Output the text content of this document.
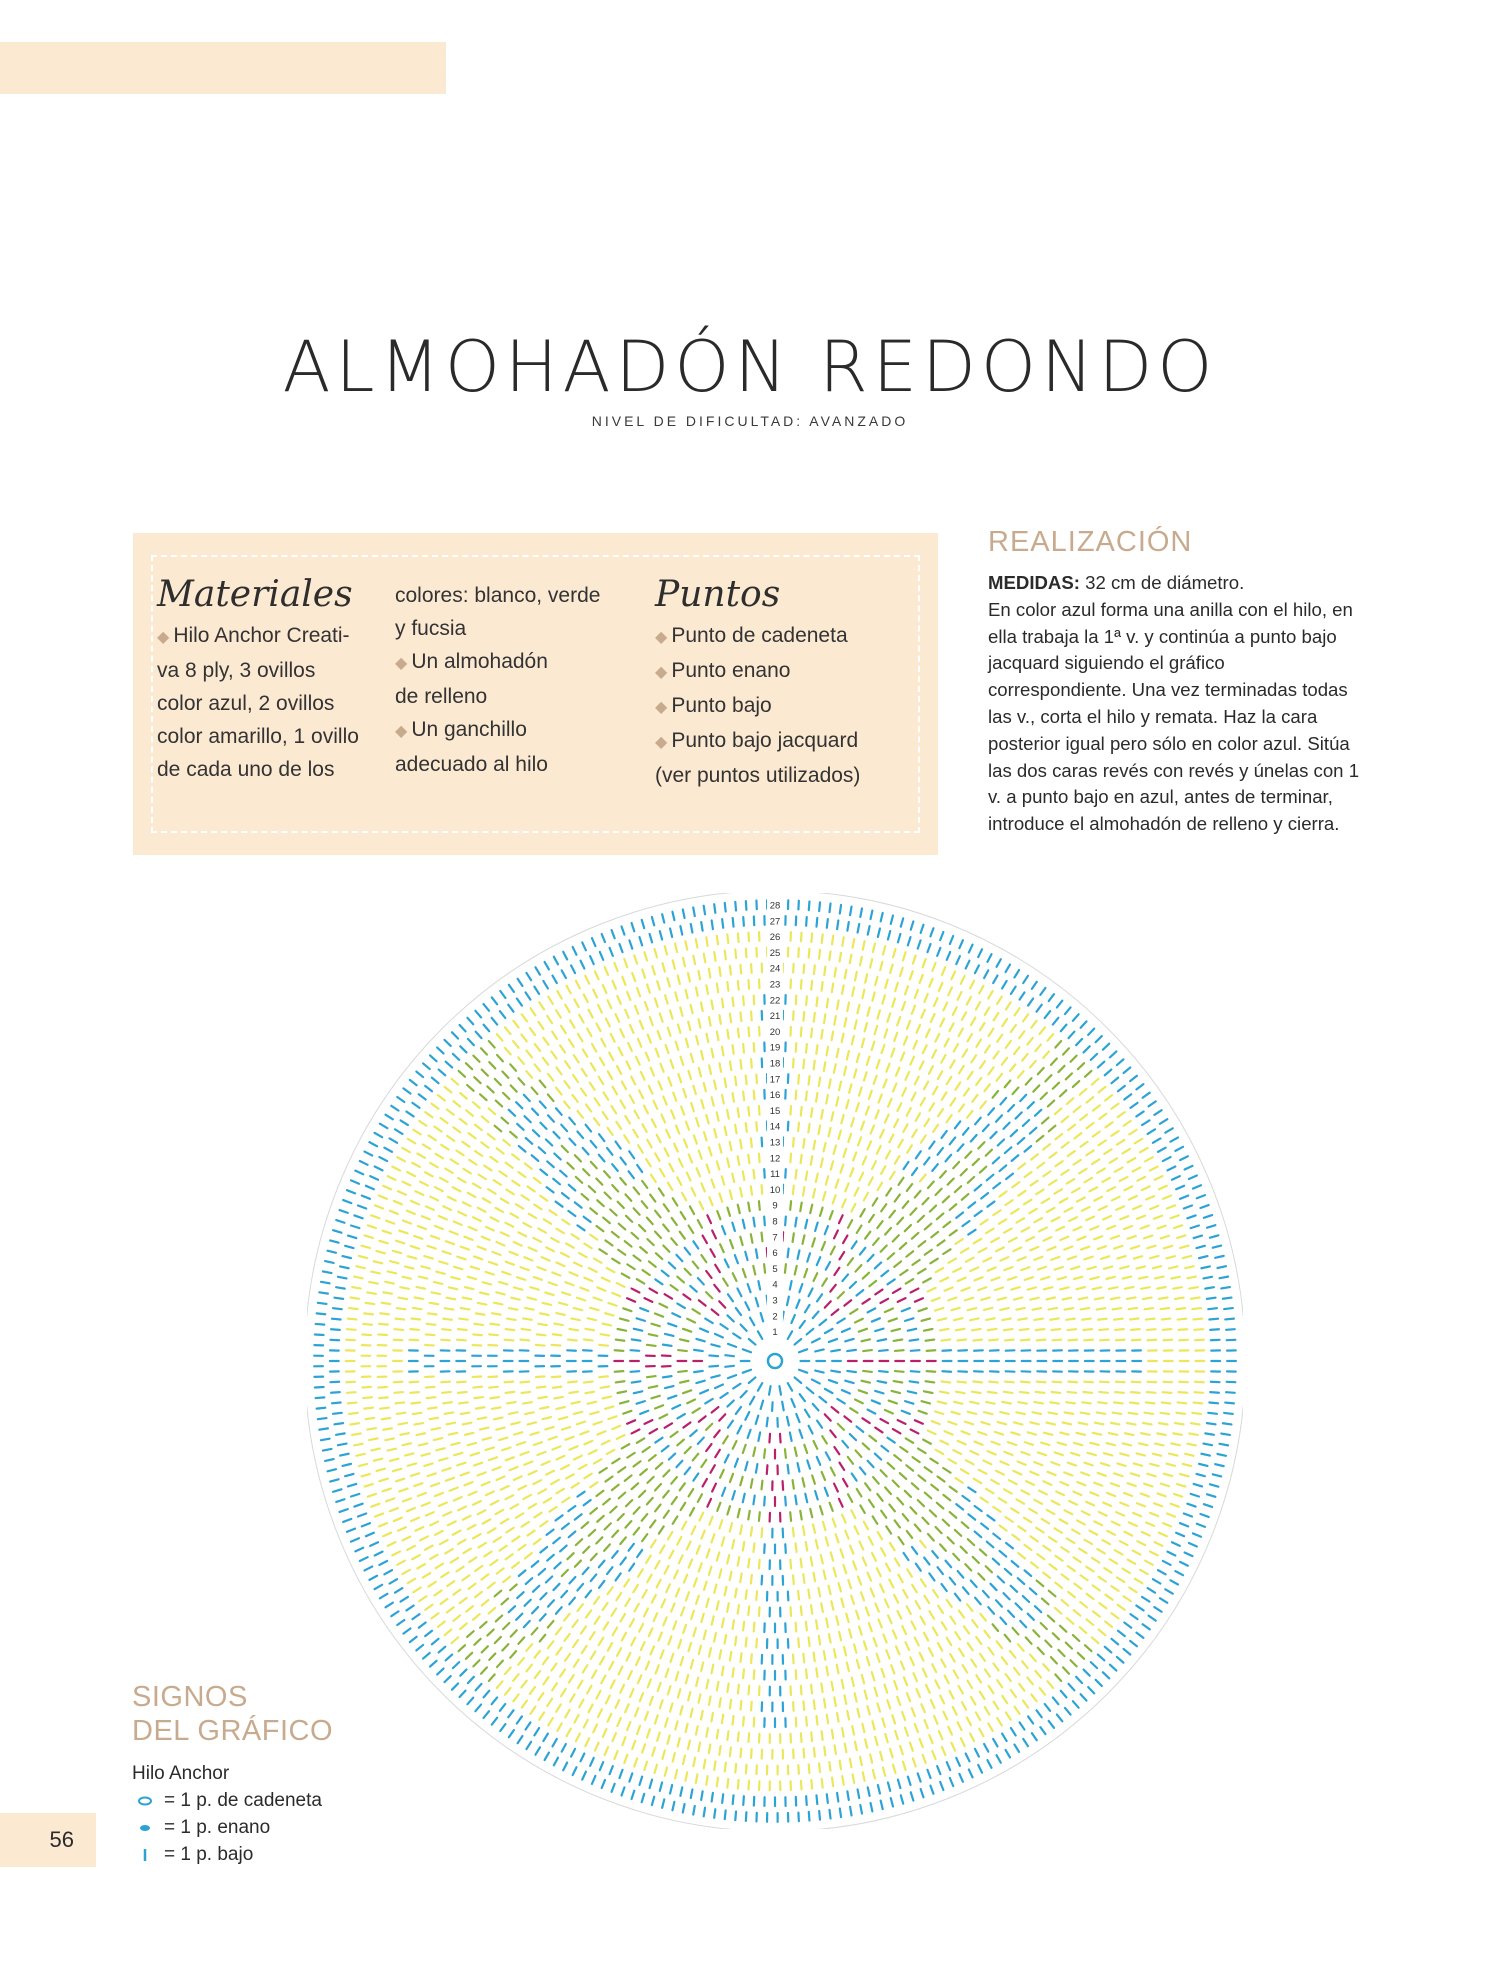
ALMOHADÓN REDONDO
NIVEL DE DIFICULTAD: AVANZADO
Materiales

◆ Hilo Anchor Creati-

va 8 ply, 3 ovillos

color azul, 2 ovillos

color amarillo, 1 ovillo

de cada uno de los

colores: blanco, verde

y fucsia

◆ Un almohadón

de relleno

◆ Un ganchillo

adecuado al hilo

Puntos

◆ Punto de cadeneta

◆ Punto enano

◆ Punto bajo

◆ Punto bajo jacquard

(ver puntos utilizados)

REALIZACIÓN
MEDIDAS: 32 cm de diámetro.
En color azul forma una anilla con el hilo, en ella trabaja la 1ª v. y continúa a punto bajo jacquard siguiendo el gráfico correspondiente. Una vez terminadas todas las v., corta el hilo y remata. Haz la cara posterior igual pero sólo en color azul. Sitúa las dos caras revés con revés y únelas con 1 v. a punto bajo en azul, antes de terminar, introduce el almohadón de relleno y cierra.
1
2
3
4
5
6
7
8
9
10
11
12
13
14
15
16
17
18
19
20
21
22
23
24
25
26
27
28
SIGNOS
DEL GRÁFICO
Hilo Anchor
= 1 p. de cadeneta
= 1 p. enano
= 1 p. bajo
56
